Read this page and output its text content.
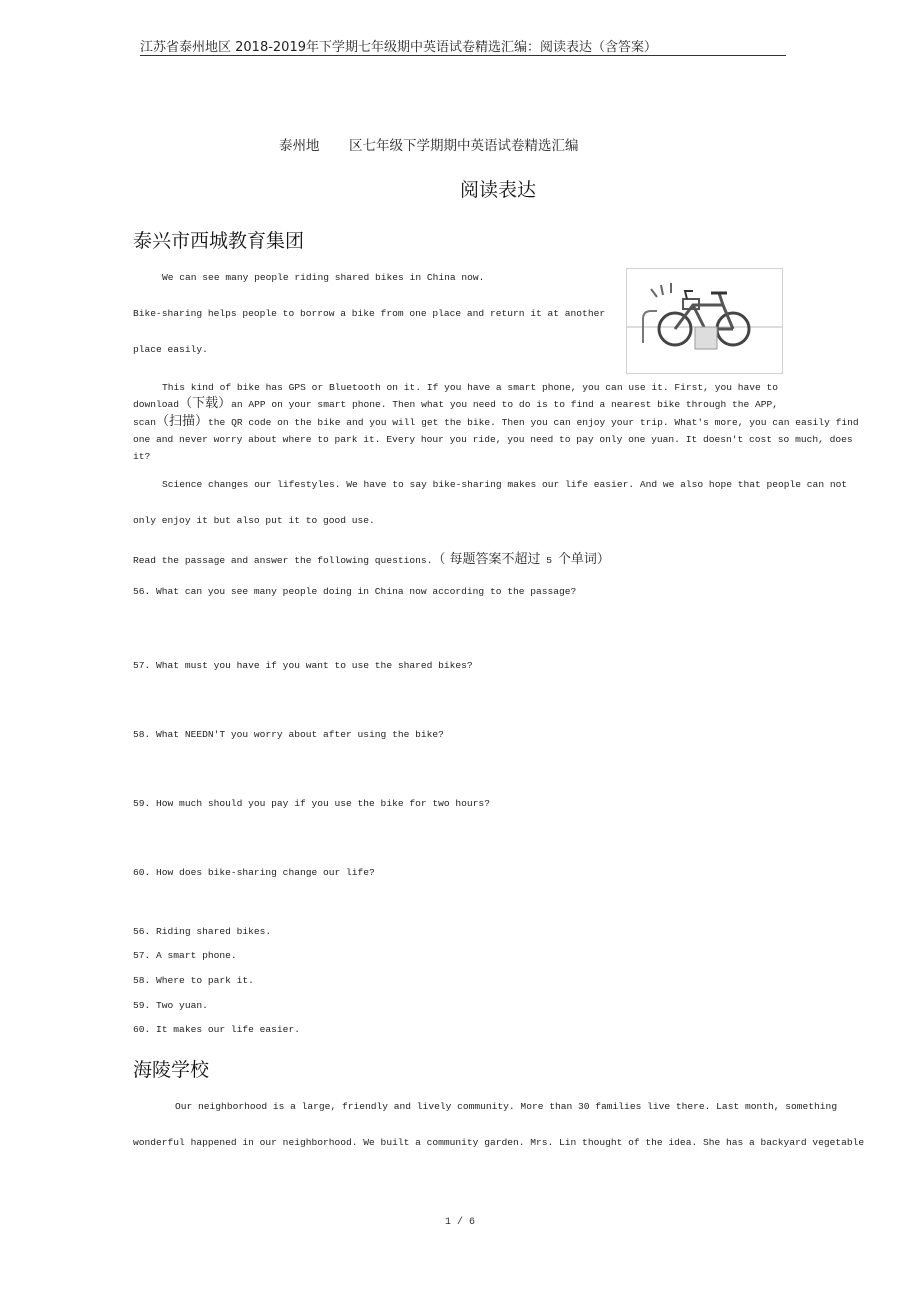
江苏省泰州地区 2018-2019年下学期七年级期中英语试卷精选汇编：阅读表达（含答案）
泰州地 区七年级下学期期中英语试卷精选汇编
阅读表达
泰兴市西城教育集团
We can see many people riding shared bikes in China now.
Bike-sharing helps people to borrow a bike from one place and return it at another
place easily.
This kind of bike has GPS or Bluetooth on it. If you have a smart phone, you can use it. First, you have to
download（下载）an APP on your smart phone. Then what you need to do is to find a nearest bike through the APP,
scan（扫描）the QR code on the bike and you will get the bike. Then you can enjoy your trip. What's more, you can easily find one and never worry about where to park it. Every hour you ride, you need to pay only one yuan. It doesn't cost so much, does it?
Science changes our lifestyles. We have to say bike-sharing makes our life easier. And we also hope that people can not
only enjoy it but also put it to good use.
Read the passage and answer the following questions.（ 每题答案不超过 5 个单词）
56. What can you see many people doing in China now according to the passage?
57. What must you have if you want to use the shared bikes?
58. What NEEDN'T you worry about after using the bike?
59. How much should you pay if you use the bike for two hours?
60. How does bike-sharing change our life?
56. Riding shared bikes.
57. A smart phone.
58. Where to park it.
59. Two yuan.
60. It makes our life easier.
海陵学校
Our neighborhood is a large, friendly and lively community. More than 30 families live there. Last month, something
wonderful happened in our neighborhood. We built a community garden. Mrs. Lin thought of the idea. She has a backyard vegetable
1 / 6
